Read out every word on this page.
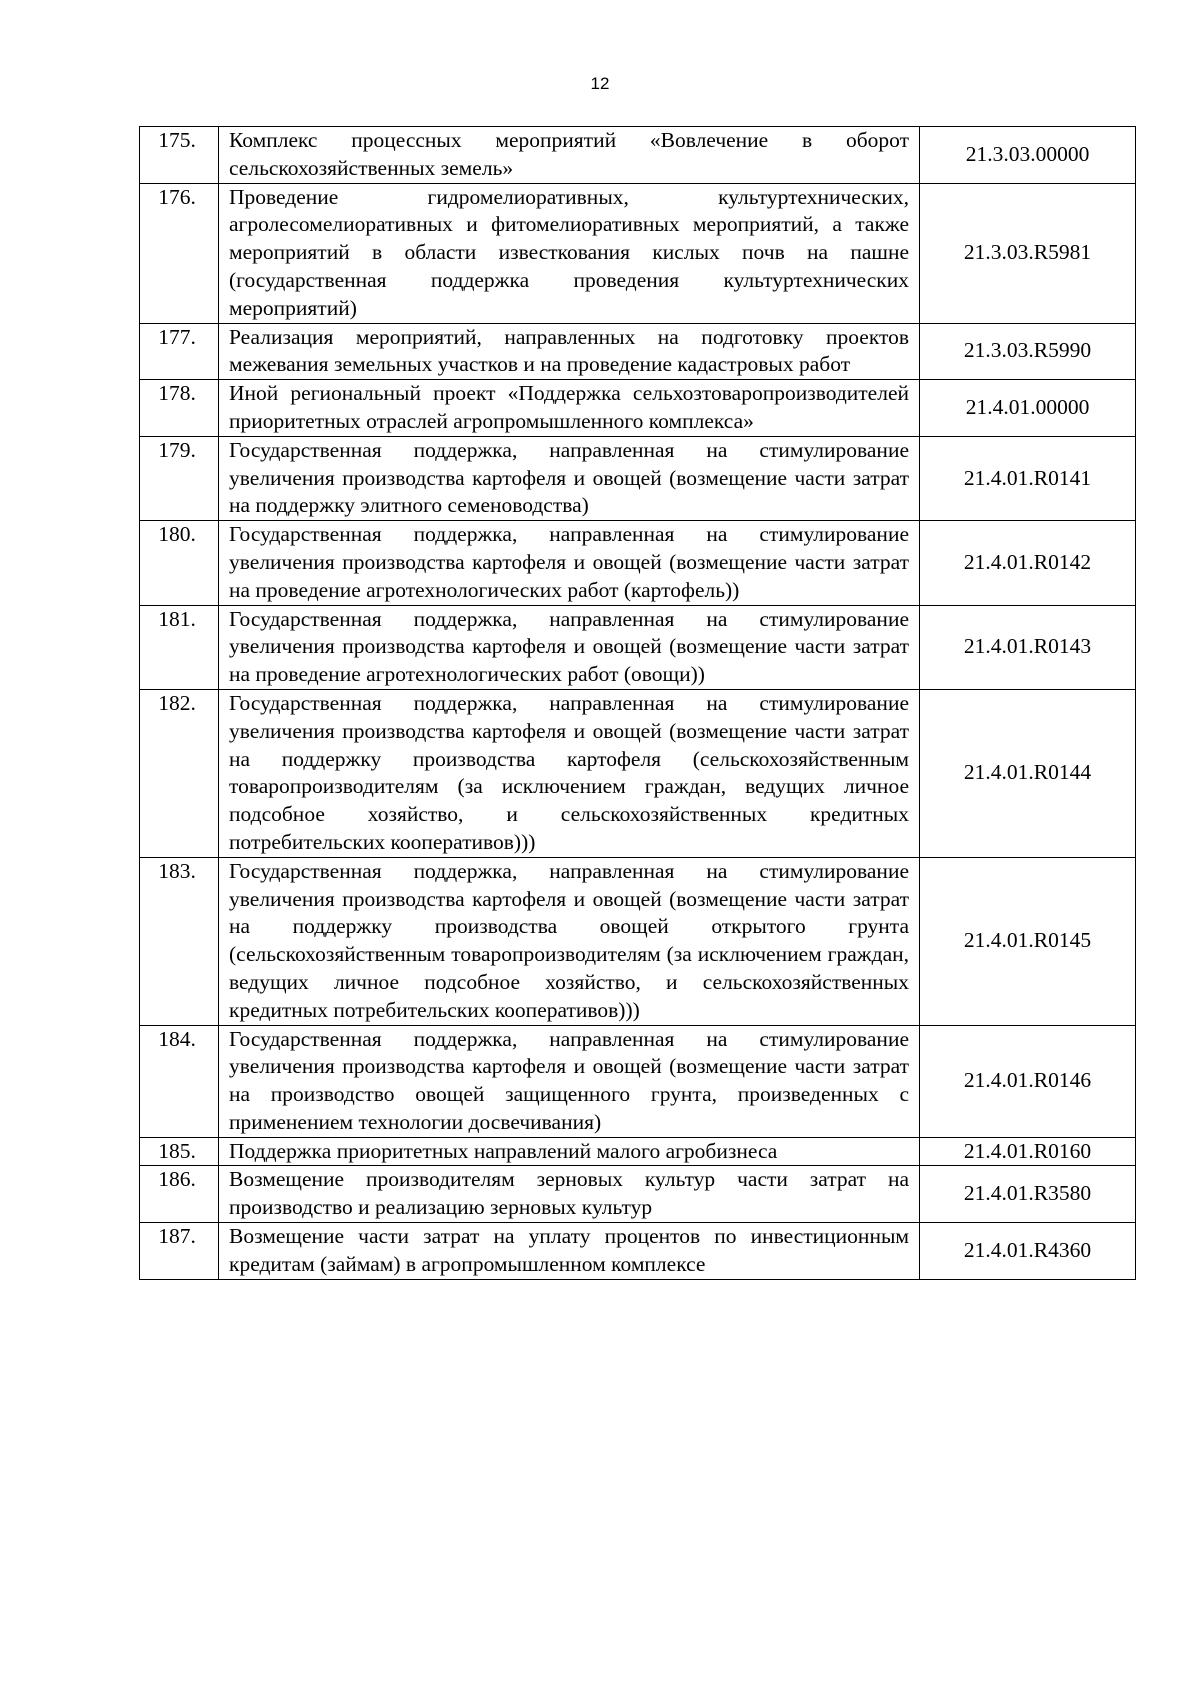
12
175.	Комплекс процессных мероприятий «Вовлечение в оборот сельскохозяйственных земель»	21.3.03.00000
176.	Проведение гидромелиоративных, культуртехнических, агролесомелиоративных и фитомелиоративных мероприятий, а также мероприятий в области известкования кислых почв на пашне (государственная поддержка проведения культуртехнических мероприятий)	21.3.03.R5981
177.	Реализация мероприятий, направленных на подготовку проектов межевания земельных участков и на проведение кадастровых работ	21.3.03.R5990
178.	Иной региональный проект «Поддержка сельхозтоваропроизводителей приоритетных отраслей агропромышленного комплекса»	21.4.01.00000
179.	Государственная поддержка, направленная на стимулирование увеличения производства картофеля и овощей (возмещение части затрат на поддержку элитного семеноводства)	21.4.01.R0141
180.	Государственная поддержка, направленная на стимулирование увеличения производства картофеля и овощей (возмещение части затрат на проведение агротехнологических работ (картофель))	21.4.01.R0142
181.	Государственная поддержка, направленная на стимулирование увеличения производства картофеля и овощей (возмещение части затрат на проведение агротехнологических работ (овощи))	21.4.01.R0143
182.	Государственная поддержка, направленная на стимулирование увеличения производства картофеля и овощей (возмещение части затрат на поддержку производства картофеля (сельскохозяйственным товаропроизводителям (за исключением граждан, ведущих личное подсобное хозяйство, и сельскохозяйственных кредитных потребительских кооперативов)))	21.4.01.R0144
183.	Государственная поддержка, направленная на стимулирование увеличения производства картофеля и овощей (возмещение части затрат на поддержку производства овощей открытого грунта (сельскохозяйственным товаропроизводителям (за исключением граждан, ведущих личное подсобное хозяйство, и сельскохозяйственных кредитных потребительских кооперативов)))	21.4.01.R0145
184.	Государственная поддержка, направленная на стимулирование увеличения производства картофеля и овощей (возмещение части затрат на производство овощей защищенного грунта, произведенных с применением технологии досвечивания)	21.4.01.R0146
185.	Поддержка приоритетных направлений малого агробизнеса	21.4.01.R0160
186.	Возмещение производителям зерновых культур части затрат на производство и реализацию зерновых культур	21.4.01.R3580
187.	Возмещение части затрат на уплату процентов по инвестиционным кредитам (займам) в агропромышленном комплексе	21.4.01.R4360
